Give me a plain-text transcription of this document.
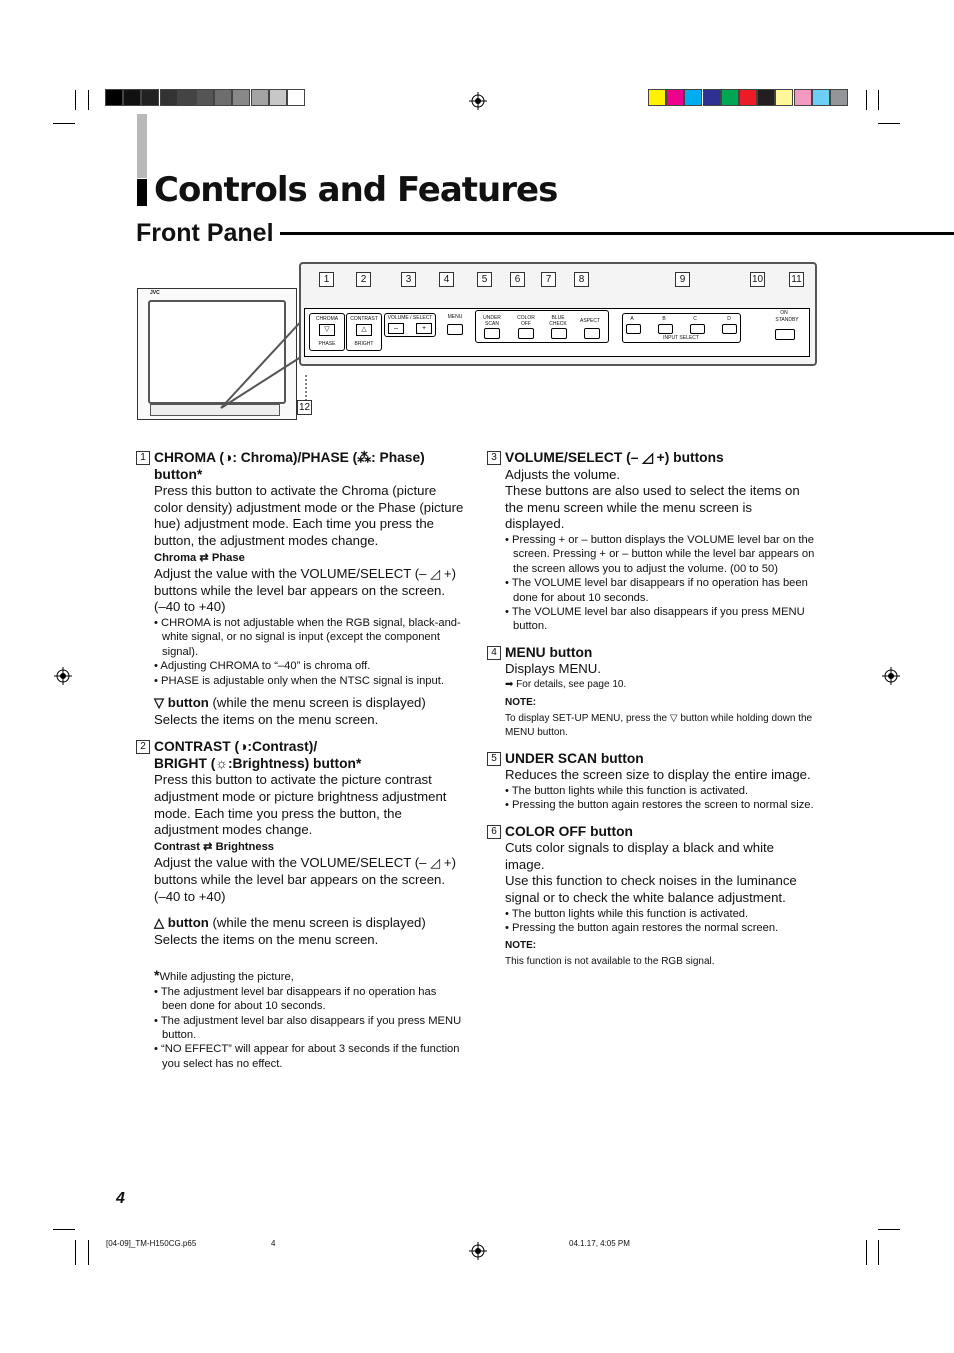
Controls and Features
Front Panel
JVC
CHROMA
▽
PHASE
CONTRAST
△
BRIGHT
VOLUME / SELECT
–	+
MENU	UNDER SCAN
COLOR OFF
BLUE CHECK	ASPECT	A	B	C	D
INPUT SELECT
ON
STANDBY
1	2	3	4	5	6	7	8	9	10	11
12
1 CHROMA (◑: Chroma)/PHASE (⁂: Phase) button*

Press this button to activate the Chroma (picture color density) adjustment mode or the Phase (picture hue) adjustment mode. Each time you press the button, the adjustment modes change.

Chroma ⇄ Phase

Adjust the value with the VOLUME/SELECT (– ◿ +) buttons while the level bar appears on the screen.

(–40 to +40)

• CHROMA is not adjustable when the RGB signal, black-and-white signal, or no signal is input (except the component signal).
• Adjusting CHROMA to “–40” is chroma off.
• PHASE is adjustable only when the NTSC signal is input.

▽ button (while the menu screen is displayed)

Selects the items on the menu screen.

2 CONTRAST (◑:Contrast)/
BRIGHT (☼:Brightness) button*

Press this button to activate the picture contrast adjustment mode or picture brightness adjustment mode. Each time you press the button, the adjustment modes change.

Contrast ⇄ Brightness

Adjust the value with the VOLUME/SELECT (– ◿ +) buttons while the level bar appears on the screen.

(–40 to +40)

△ button (while the menu screen is displayed)

Selects the items on the menu screen.

*While adjusting the picture,
• The adjustment level bar disappears if no operation has been done for about 10 seconds.
• The adjustment level bar also disappears if you press MENU button.
• “NO EFFECT” will appear for about 3 seconds if the function you select has no effect.
3 VOLUME/SELECT (– ◿ +) buttons

Adjusts the volume.

These buttons are also used to select the items on the menu screen while the menu screen is displayed.

• Pressing + or – button displays the VOLUME level bar on the screen. Pressing + or – button while the level bar appears on the screen allows you to adjust the volume. (00 to 50)
• The VOLUME level bar disappears if no operation has been done for about 10 seconds.
• The VOLUME level bar also disappears if you press MENU button.
4 MENU button

Displays MENU.

➡ For details, see page 10.
NOTE:
To display SET-UP MENU, press the ▽ button while holding down the MENU button.
5 UNDER SCAN button

Reduces the screen size to display the entire image.

• The button lights while this function is activated.
• Pressing the button again restores the screen to normal size.
6 COLOR OFF button

Cuts color signals to display a black and white image.

Use this function to check noises in the luminance signal or to check the white balance adjustment.

• The button lights while this function is activated.
• Pressing the button again restores the normal screen.
NOTE:
This function is not available to the RGB signal.
4
[04-09]_TM-H150CG.p65	4	04.1.17, 4:05 PM
